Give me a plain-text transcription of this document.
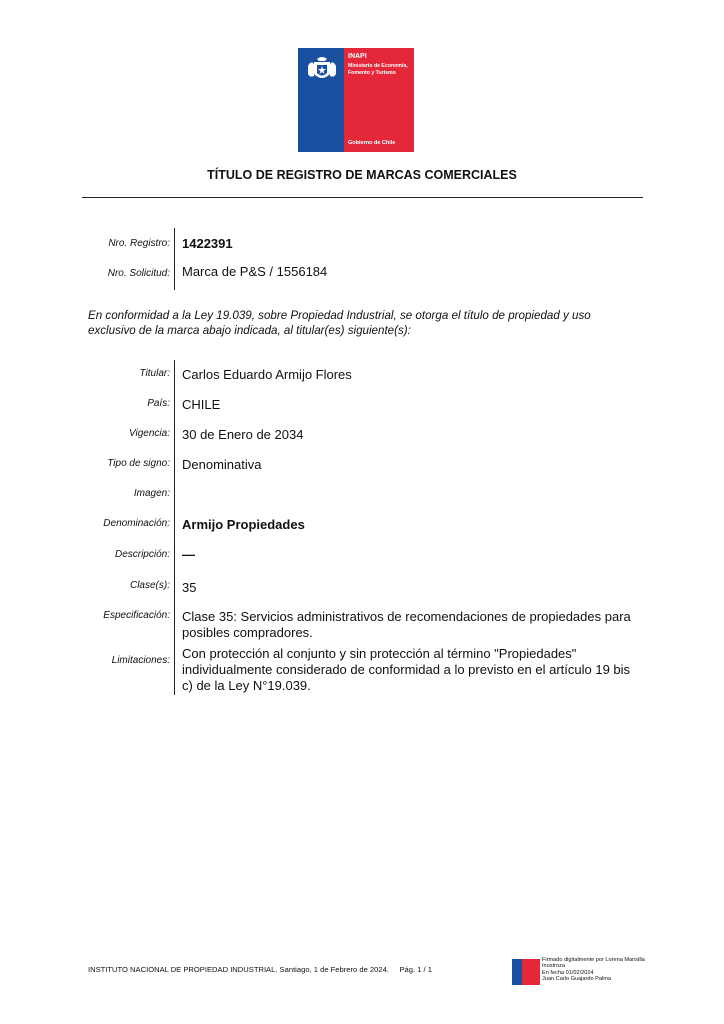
INAPI
Ministerio de Economía, Fomento y Turismo
Gobierno de Chile
TÍTULO DE REGISTRO DE MARCAS COMERCIALES
Nro. Registro: 1422391
Nro. Solicitud: Marca de P&S / 1556184
En conformidad a la Ley 19.039, sobre Propiedad Industrial, se otorga el título de propiedad y uso exclusivo de la marca abajo indicada, al titular(es) siguiente(s):
Titular: Carlos Eduardo Armijo Flores
País: CHILE
Vigencia: 30 de Enero de 2034
Tipo de signo: Denominativa
Imagen:
Denominación: Armijo Propiedades
Descripción: —
Clase(s): 35
Especificación: Clase 35: Servicios administrativos de recomendaciones de propiedades para posibles compradores.
Limitaciones: Con protección al conjunto y sin protección al término "Propiedades" individualmente considerado de conformidad a lo previsto en el artículo 19 bis c) de la Ley N°19.039.
INSTITUTO NACIONAL DE PROPIEDAD INDUSTRIAL. Santiago, 1 de Febrero de 2024. Pág. 1 / 1
Firmado digitalmente por Lorena Mansilla Inostroza
En fecha 01/02/2024
Juan Carlo Guajardo Palma
